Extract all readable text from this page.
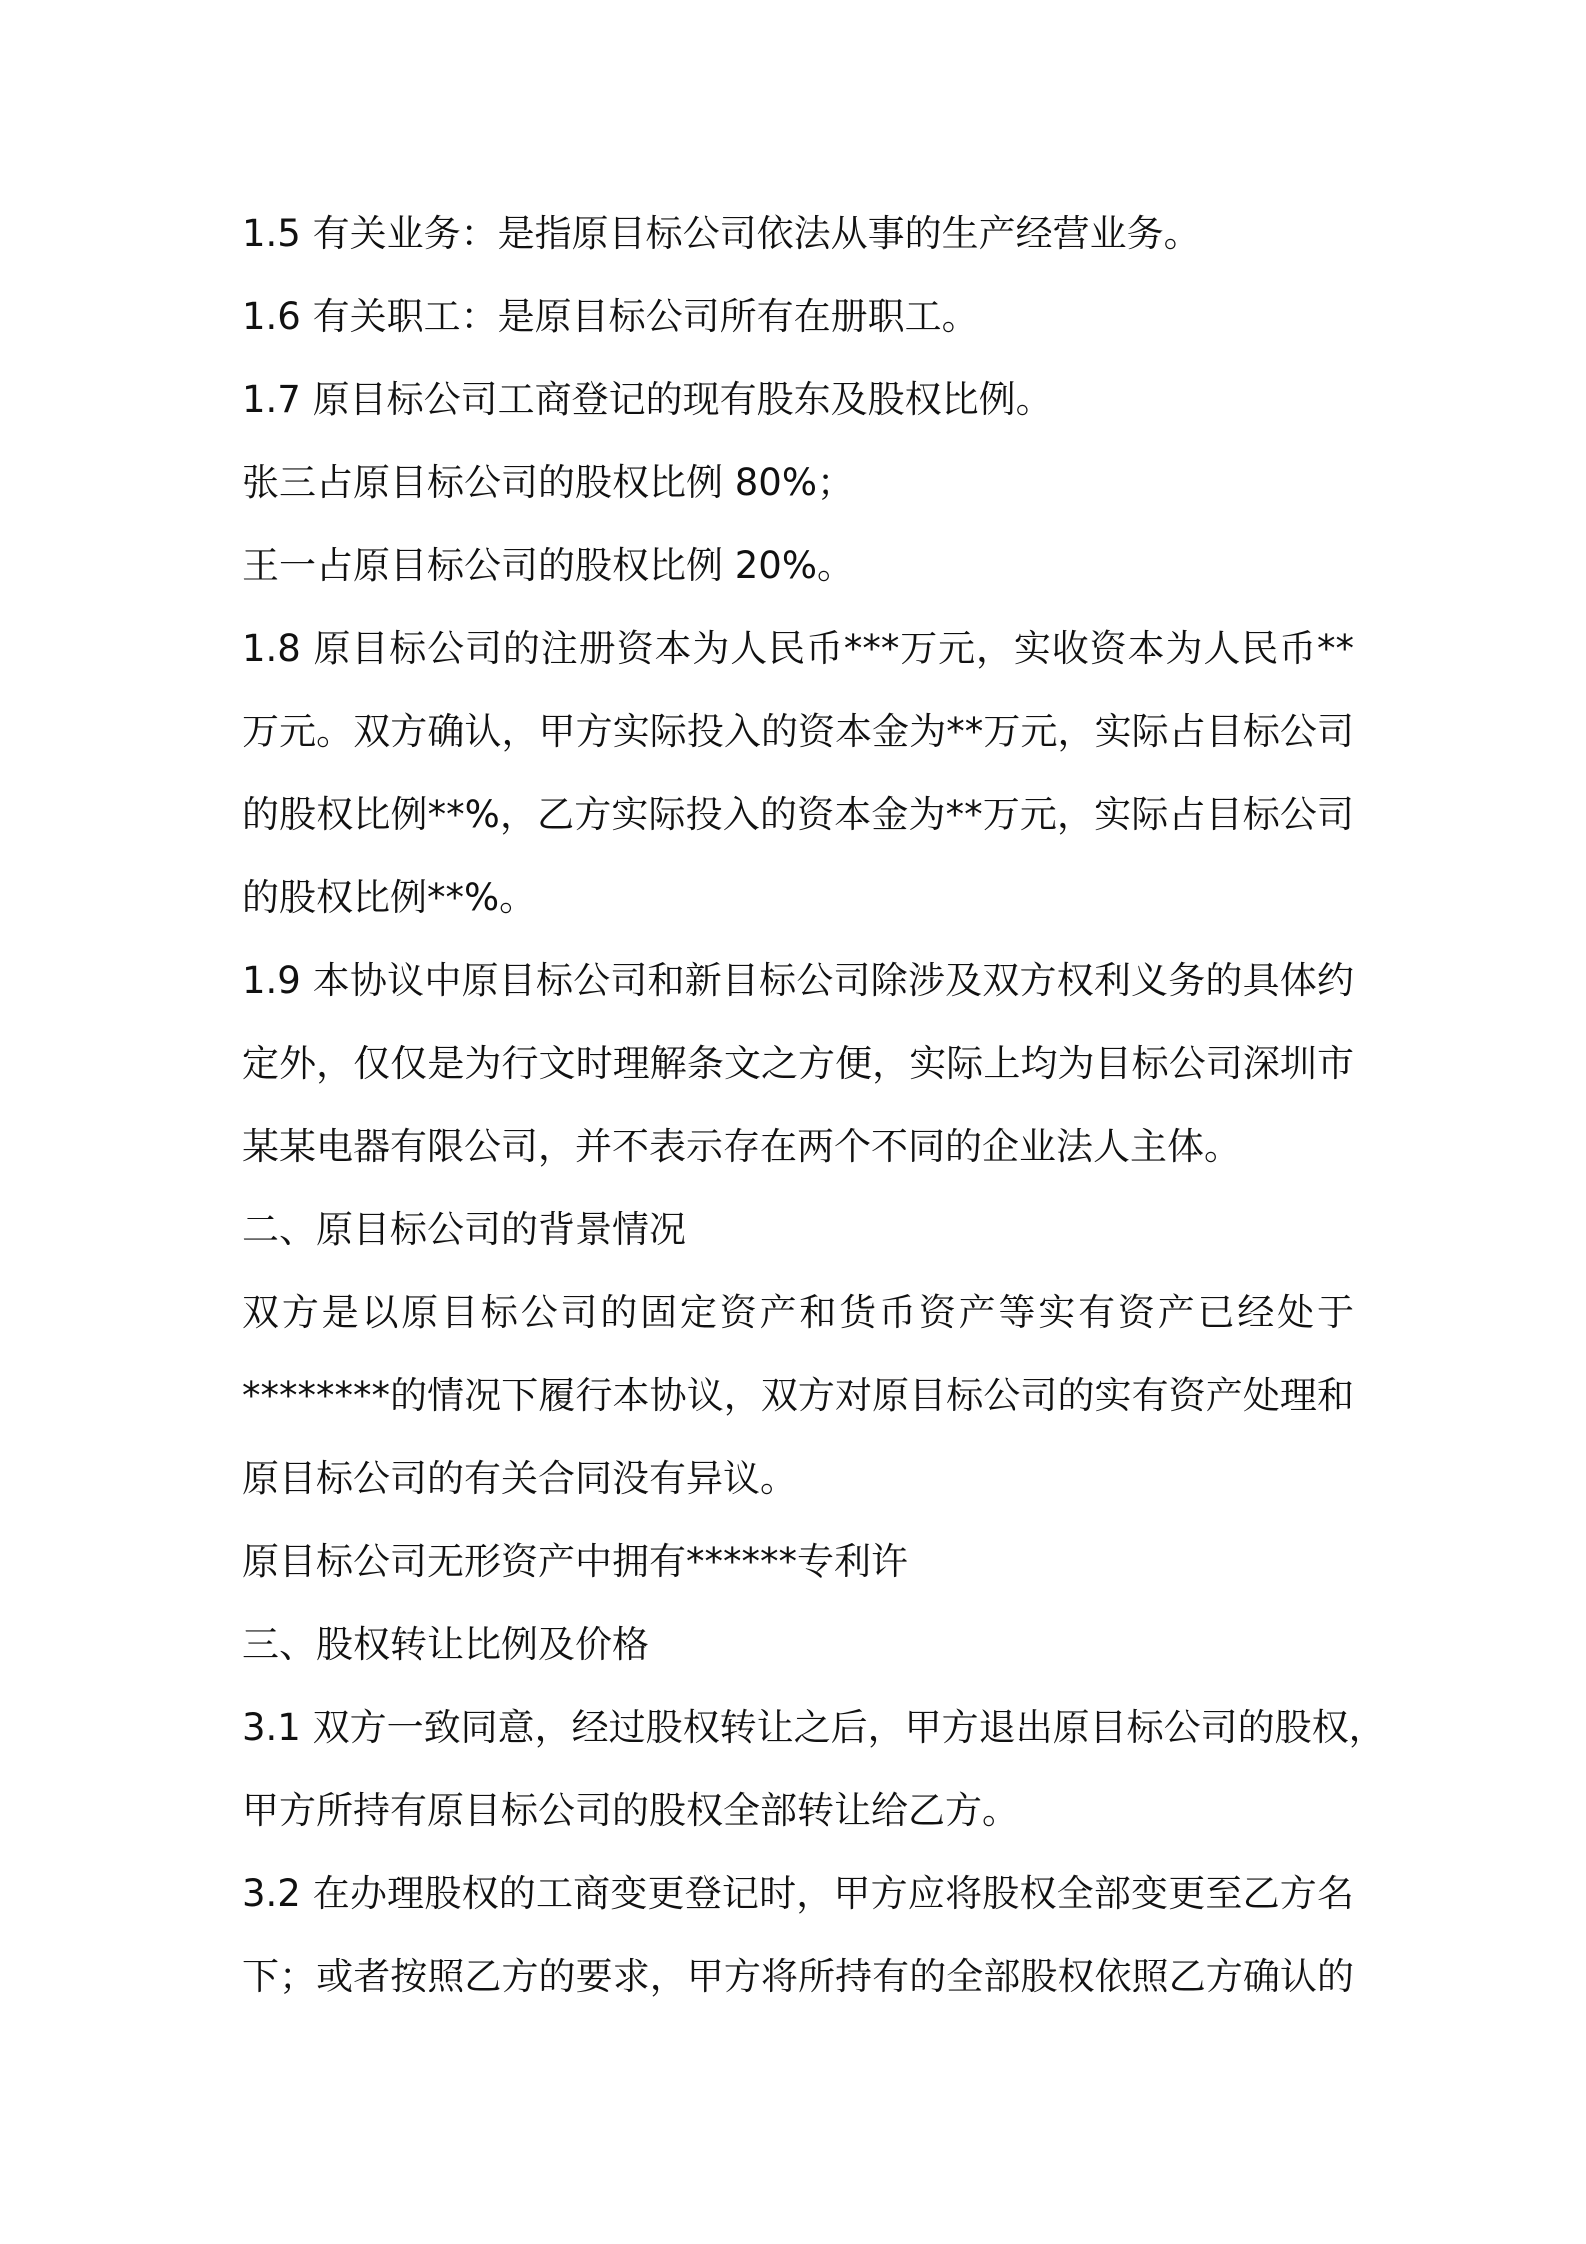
1.5 有关业务：是指原目标公司依法从事的生产经营业务。
1.6 有关职工：是原目标公司所有在册职工。
1.7 原目标公司工商登记的现有股东及股权比例。
张三占原目标公司的股权比例 80%；
王一占原目标公司的股权比例 20%。
1.8 原目标公司的注册资本为人民币***万元，实收资本为人民币**
万元。双方确认，甲方实际投入的资本金为**万元，实际占目标公司
的股权比例**%，乙方实际投入的资本金为**万元，实际占目标公司
的股权比例**%。
1.9 本协议中原目标公司和新目标公司除涉及双方权利义务的具体约
定外，仅仅是为行文时理解条文之方便，实际上均为目标公司深圳市
某某电器有限公司，并不表示存在两个不同的企业法人主体。
二、原目标公司的背景情况
双方是以原目标公司的固定资产和货币资产等实有资产已经处于
********的情况下履行本协议，双方对原目标公司的实有资产处理和
原目标公司的有关合同没有异议。
原目标公司无形资产中拥有******专利许
三、股权转让比例及价格
3.1 双方一致同意，经过股权转让之后，甲方退出原目标公司的股权，
甲方所持有原目标公司的股权全部转让给乙方。
3.2 在办理股权的工商变更登记时，甲方应将股权全部变更至乙方名
下；或者按照乙方的要求，甲方将所持有的全部股权依照乙方确认的
